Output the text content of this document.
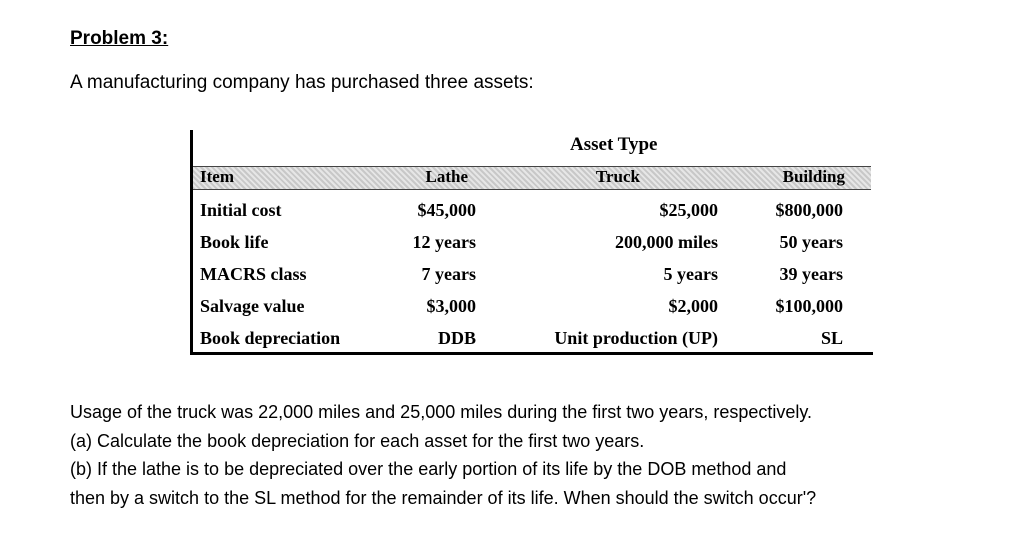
Problem 3:

A manufacturing company has purchased three assets:

Asset Type
Item	Lathe	Truck	Building
Initial cost	$45,000	$25,000	$800,000
Book life	12 years	200,000 miles	50 years
MACRS class	7 years	5 years	39 years
Salvage value	$3,000	$2,000	$100,000
Book depreciation	DDB	Unit production (UP)	SL

Usage of the truck was 22,000 miles and 25,000 miles during the first two years, respectively.

(a) Calculate the book depreciation for each asset for the first two years.

(b) If the lathe is to be depreciated over the early portion of its life by the DOB method and

then by a switch to the SL method for the remainder of its life. When should the switch occur'?
